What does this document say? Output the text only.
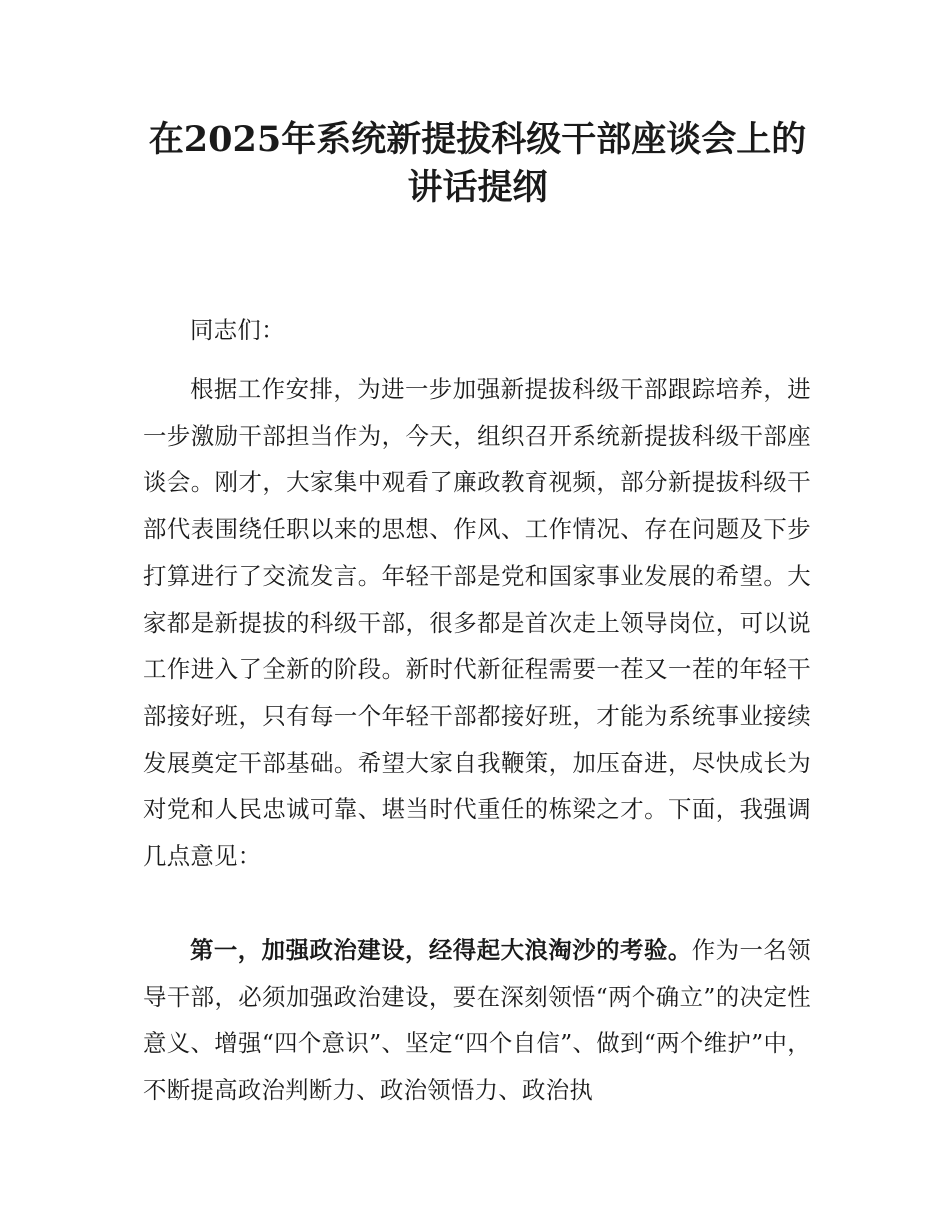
在2025年系统新提拔科级干部座谈会上的讲话提纲

同志们：

根据工作安排，为进一步加强新提拔科级干部跟踪培养，进一步激励干部担当作为，今天，组织召开系统新提拔科级干部座谈会。刚才，大家集中观看了廉政教育视频，部分新提拔科级干部代表围绕任职以来的思想、作风、工作情况、存在问题及下步打算进行了交流发言。年轻干部是党和国家事业发展的希望。大家都是新提拔的科级干部，很多都是首次走上领导岗位，可以说工作进入了全新的阶段。新时代新征程需要一茬又一茬的年轻干部接好班，只有每一个年轻干部都接好班，才能为系统事业接续发展奠定干部基础。希望大家自我鞭策，加压奋进，尽快成长为对党和人民忠诚可靠、堪当时代重任的栋梁之才。下面，我强调几点意见：

第一，加强政治建设，经得起大浪淘沙的考验。作为一名领导干部，必须加强政治建设，要在深刻领悟“两个确立”的决定性意义、增强“四个意识”、坚定“四个自信”、做到“两个维护”中，不断提高政治判断力、政治领悟力、政治执
